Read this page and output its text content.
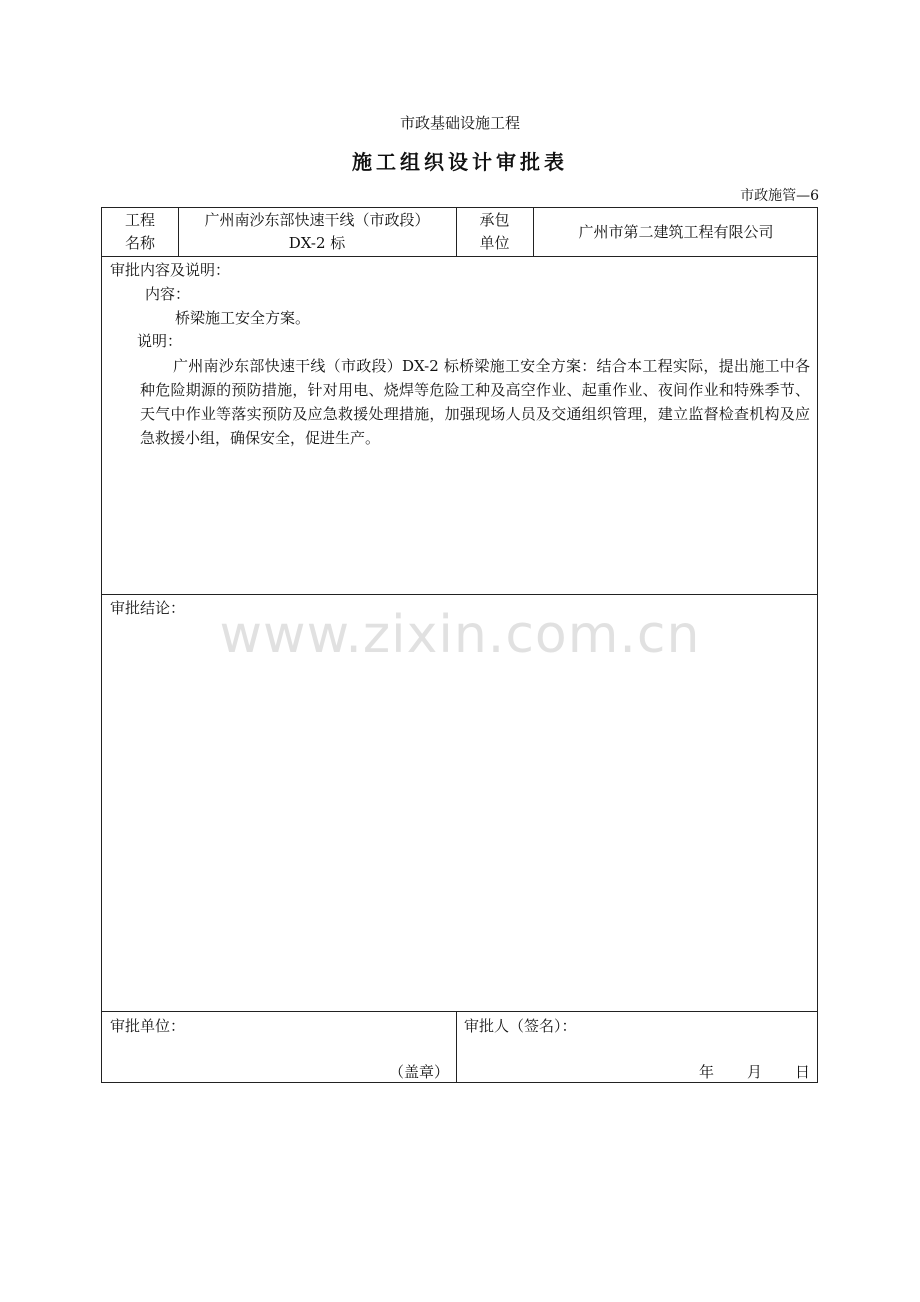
市政基础设施工程
施工组织设计审批表
市政施管—6
工程
名称
广州南沙东部快速干线（市政段）
DX-2 标
承包
单位
广州市第二建筑工程有限公司
审批内容及说明：
内容：
桥梁施工安全方案。
说明：
广州南沙东部快速干线（市政段）DX-2 标桥梁施工安全方案：结合本工程实际，提出施工中各种危险期源的预防措施，针对用电、烧焊等危险工种及高空作业、起重作业、夜间作业和特殊季节、天气中作业等落实预防及应急救援处理措施，加强现场人员及交通组织管理，建立监督检查机构及应急救援小组，确保安全，促进生产。
审批结论：
审批单位：
（盖章）
审批人（签名）：
年 月 日
www.zixin.com.cn
